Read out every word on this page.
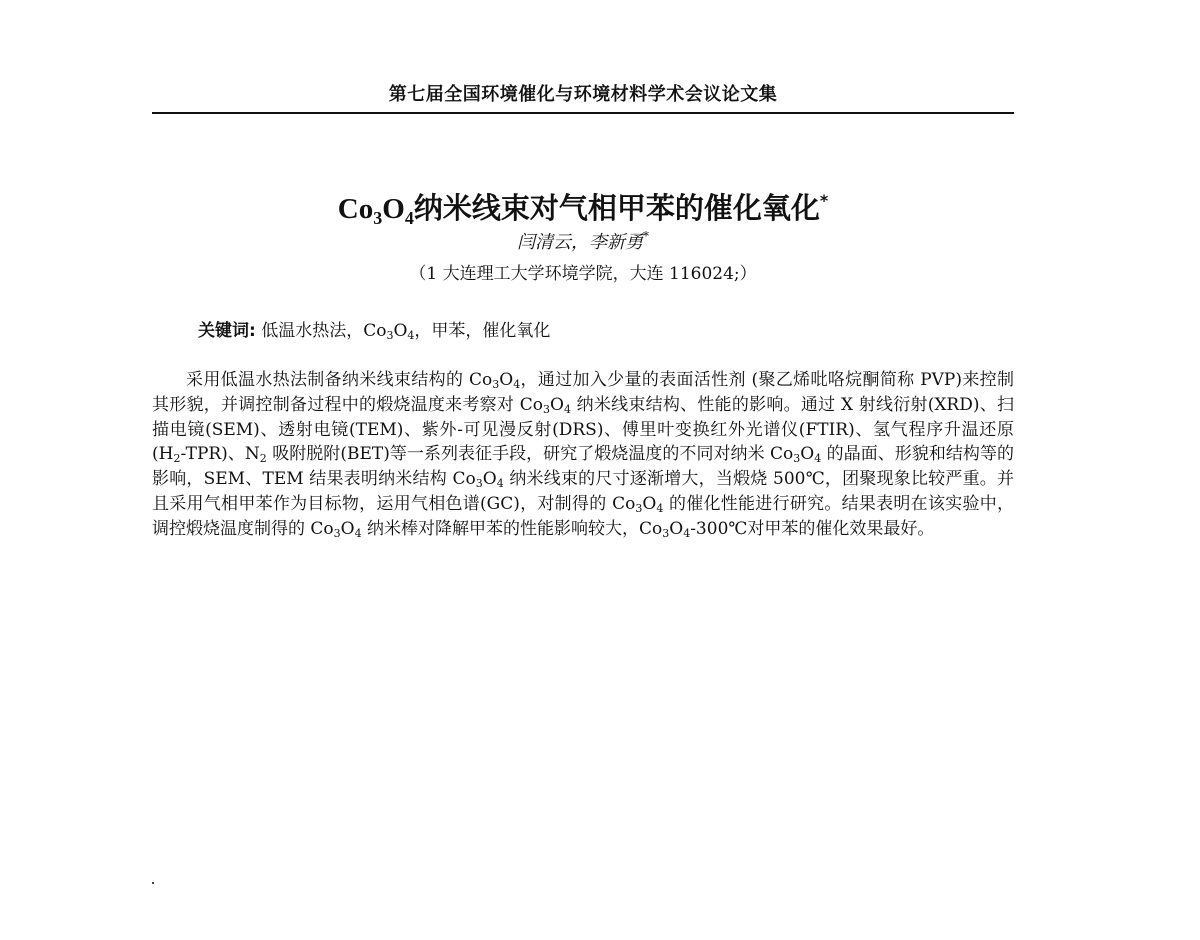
第七届全国环境催化与环境材料学术会议论文集
$Co_3O_4$纳米线束对气相甲苯的催化氧化*
闫清云，李新勇*
（1 大连理工大学环境学院，大连 116024;）
关键词: 低温水热法，$Co_3O_4$，甲苯，催化氧化

采用低温水热法制备纳米线束结构的 $Co_3O_4$，通过加入少量的表面活性剂 (聚乙烯吡咯烷酮简称 PVP)来控制其形貌，并调控制备过程中的煅烧温度来考察对 $Co_3O_4$ 纳米线束结构、性能的影响。通过 X 射线衍射(XRD)、扫描电镜(SEM)、透射电镜(TEM)、紫外-可见漫反射(DRS)、傅里叶变换红外光谱仪(FTIR)、氢气程序升温还原$(H_2-TPR)$、$N_2$ 吸附脱附(BET)等一系列表征手段，研究了煅烧温度的不同对纳米 $Co_3O_4$ 的晶面、形貌和结构等的影响，SEM、TEM 结果表明纳米结构 $Co_3O_4$ 纳米线束的尺寸逐渐增大，当煅烧 500℃，团聚现象比较严重。并且采用气相甲苯作为目标物，运用气相色谱(GC)，对制得的 $Co_3O_4$ 的催化性能进行研究。结果表明在该实验中，调控煅烧温度制得的 $Co_3O_4$ 纳米棒对降解甲苯的性能影响较大，$Co_3O_4-300℃$对甲苯的催化效果最好。
